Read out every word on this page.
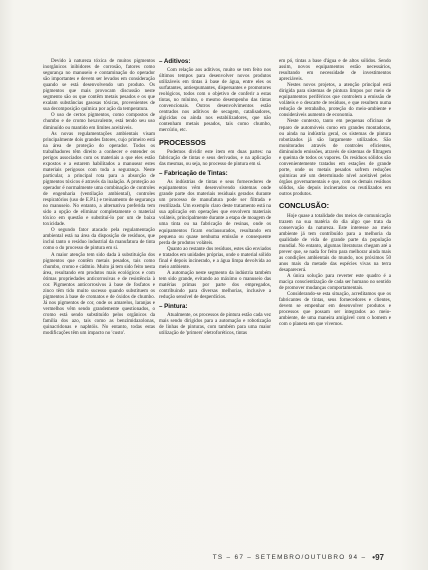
Devido à natureza tóxica de muitos pigmentos inorgânicos inibidores de corrosão, fatores como segurança no manuseio e contaminação do operador são importantes e devem ser levados em consideração quando se está desenvolvendo um produto. Os pigmentos que mais provocam discussão neste segmento são os que contêm metais pesados e os que exalam substâncias gasosas tóxicas, provenientes de sua decomposição química por ação da temperatura.

O uso de certos pigmentos, como compostos de chumbo e de cromo hexavalente, está tendo seu uso diminuído ou mantido em limites aceitáveis.

As novas regulamentações ambientais visam principalmente dois grandes fatores, cujo primeiro está na área de proteção do operador. Todos os trabalhadores têm direito a conhecer e entender os perigos associados com os materiais a que eles estão expostos e a estarem habilitados a manusear estes materiais perigosos com toda a segurança. Neste particular, a principal rota para a absorção de pigmentos tóxicos é através da inalação. A proteção ao operador é normalmente uma combinação de controles de engenharia (ventilação ambiental), controles respiratórios (uso de E.P.I.) e treinamento de segurança no manuseio. No entanto, a alternativa preferida tem sido a opção de eliminar completamente o material tóxico em questão e substituí-lo por um de baixa toxicidade.

O segundo fator atacado pela regulamentação ambiental está na área da disposição de resíduos, que inclui tanto o resíduo industrial da manufatura de tinta como o do processo de pintura em si.

A maior atenção tem sido dada à substituição dos pigmentos que contêm metais pesados, tais como chumbo, cromo e cádmio. Muito já tem sido feito nesta área, resultando em produtos mais ecológicos e com ótimas propriedades anticorrosivas e de resistência à cor. Pigmentos anticorrosivos à base de fosfatos e zinco têm tido muito sucesso quando substituem os pigmentos à base de cromatos e de óxidos de chumbo. Já nos pigmentos de cor, onde os amarelos, laranjas e vermelhos vêm sendo grandemente questionados, o cromo está sendo substituído pelos orgânicos da família dos azo, tais como as benzimidazolonas, quinacridonas e naphtóis. No entanto, todas estas modificações têm um impacto no 'custo'.

– Aditivos:

Com relação aos aditivos, muito se tem feito nos últimos tempos para desenvolver novos produtos utilizáveis em tintas à base de água, entre eles os surfatantes, antiespumantes, dispersantes e promotores reológicos, todos com o objetivo de conferir a estas tintas, no mínimo, o mesmo desempenho das tintas convencionais. Outros desenvolvimentos estão centrados nos aditivos de secagem, catalisadores, algicidas ou ainda nos estabilizadores, que não contenham metais pesados, tais como chumbo, mercúrio, etc.

PROCESSOS

Podemos dividir este item em duas partes: na fabricação de tintas e seus derivados, e na aplicação das mesmas, ou seja, no processo de pintura em si.

– Fabricação de Tintas:

As indústrias de tintas e seus fornecedores de equipamentos vêm desenvolvendo sistemas onde grande parte dos materiais residuais gerados durante um processo de manufatura pode ser filtrada e reutilizada. Um exemplo claro deste tratamento está na sua aplicação em operações que envolvem materiais voláteis, principalmente durante a etapa de moagem de uma tinta ou na fabricação de resinas, onde os equipamentos ficam enclausurados, resultando em pequena ou quase nenhuma emissão e consequente perda de produtos voláteis.

Quanto ao restante dos resíduos, estes são enviados e tratados em unidades próprias, onde o material sólido final é depois incinerado, e a água limpa devolvida ao meio ambiente.

A automação neste segmento da indústria também tem sido grande, evitando ao máximo o manuseio das matérias primas por parte dos empregados, contribuindo para diversas melhorias, inclusive a redução sensível de desperdícios.

– Pintura:

Atualmente, os processos de pintura estão cada vez mais sendo dirigidos para a automação e robotização de linhas de pinturas, com também para uma maior utilização de 'primers' eletroforéticos, tintas

em pó, tintas a base d'água e de altos sólidos. Sendo assim, novos equipamentos estão necessários, resultando em necessidade de investimentos apreciáveis.

Nestes novos projetos, a atenção principal está dirigida para sistemas de pintura limpos por meio de equipamentos periféricos que controlem a emissão de voláteis e o descarte de resíduos, e que resultem numa redução de retrabalho, proteção do meio-ambiente e consideráveis aumento de economia.

Neste contexto, tanto em pequenas oficinas de reparo de automóveis como em grandes montadoras, ou ainda na indústria geral, os sistemas de pintura robotizados já são largamente utilizados. São monitorados através de controles eficientes, diminuindo emissões, através de sistemas de filtragem e queima de todos os vapores. Os resíduos sólidos são convenientemente tratados em estações de grande porte, onde os metais pesados sofrem reduções quimicas até um determinado nível aceitável pelos órgãos governamentais e que, com os demais resíduos sólidos, são depois incinerados ou reutilizados em outros produtos.

CONCLUSÃO:

Hoje quase a totalidade dos meios de comunicação trazem na sua matéria do dia algo que trata da conservação da natureza. Este interesse ao meio ambiente já tem contribuído para a melhoria da qualidade de vida de grande parte da população mundial. No entanto, algumas literaturas chegam até a prever que, se nada for feito para melhorar ainda mais as condições ambientais do mundo, nos próximos 50 anos mais da metade das espécies vivas na terra desaparecerá.

A única solução para reverter este quadro é a maciça conscientização de cada ser humano no sentido de promover mudanças comportamentais.

Considerando-se esta situação, acreditamos que os fabricantes de tintas, seus fornecedores e clientes, devem se empenhar em desenvolver produtos e processos que possam ser integrados ao meio-ambiente, de uma maneira amigável com o homem e com o planeta em que vivemos.

TS – 67 – SETEMBRO/OUTUBRO 94 – •97
